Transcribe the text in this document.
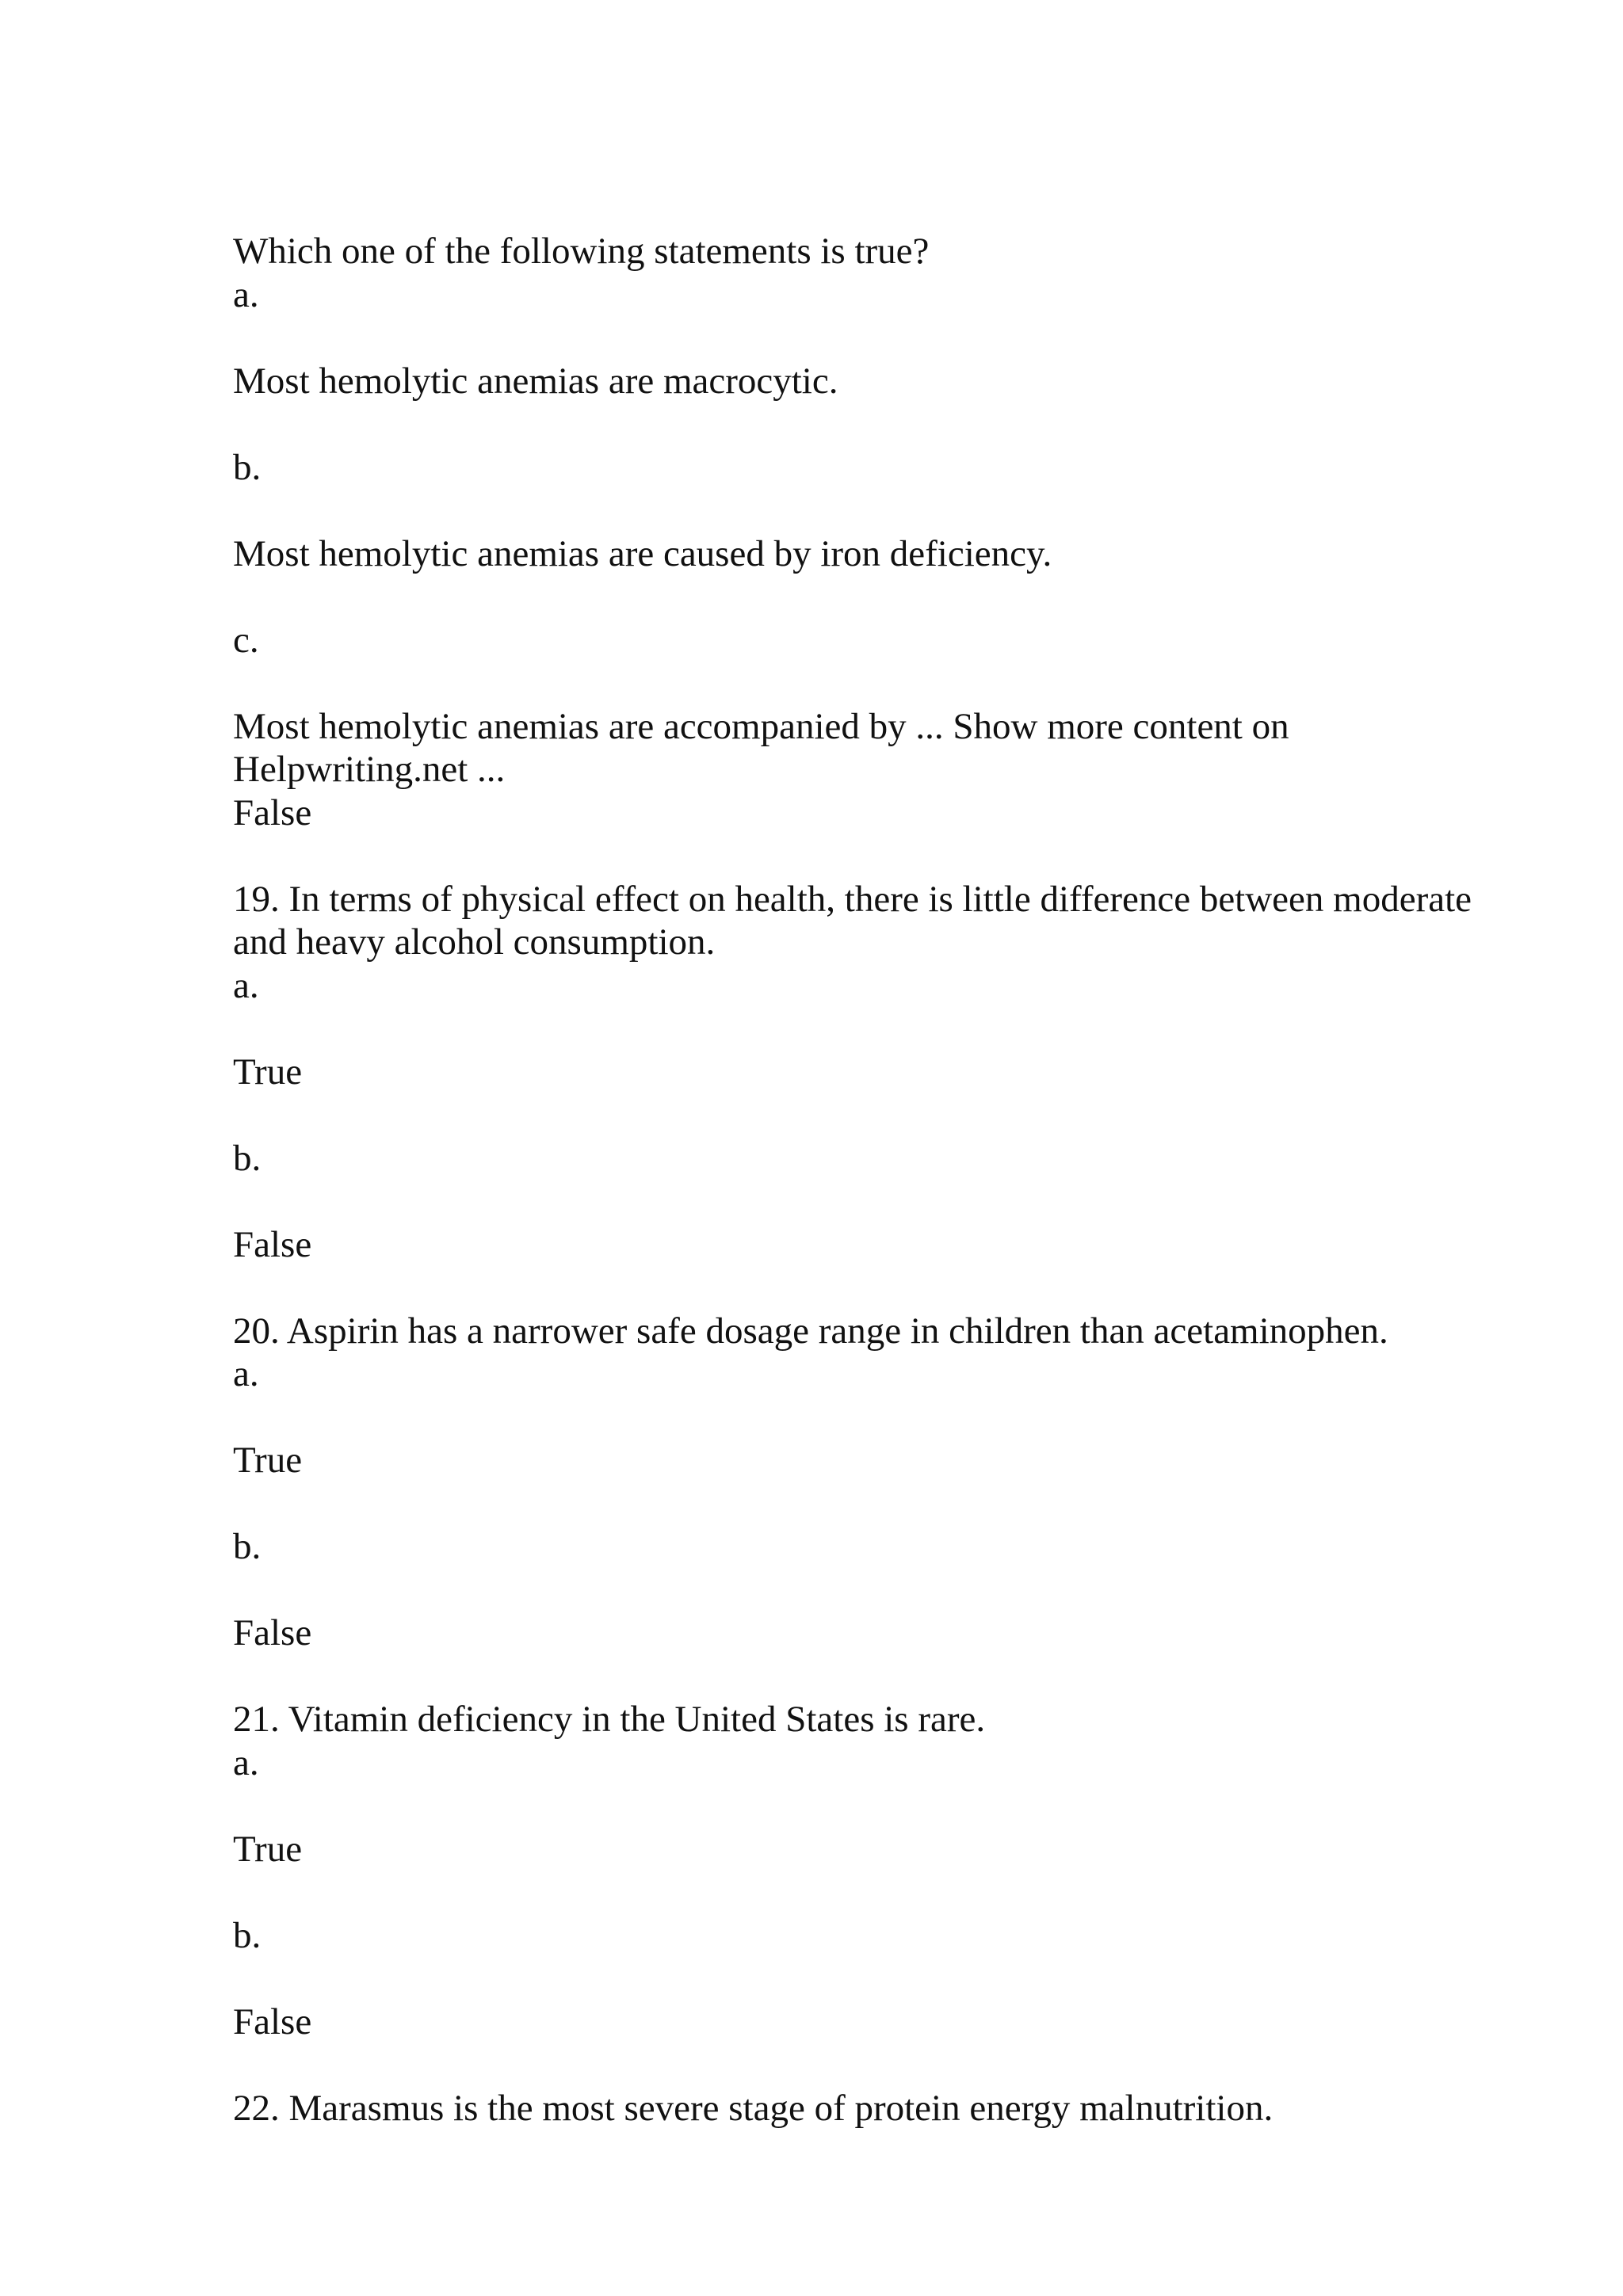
Which one of the following statements is true?
a.
Most hemolytic anemias are macrocytic.
b.
Most hemolytic anemias are caused by iron deficiency.
c.
Most hemolytic anemias are accompanied by ... Show more content on
Helpwriting.net ...
False
19. In terms of physical effect on health, there is little difference between moderate
and heavy alcohol consumption.
a.
True
b.
False
20. Aspirin has a narrower safe dosage range in children than acetaminophen.
a.
True
b.
False
21. Vitamin deficiency in the United States is rare.
a.
True
b.
False
22. Marasmus is the most severe stage of protein energy malnutrition.
